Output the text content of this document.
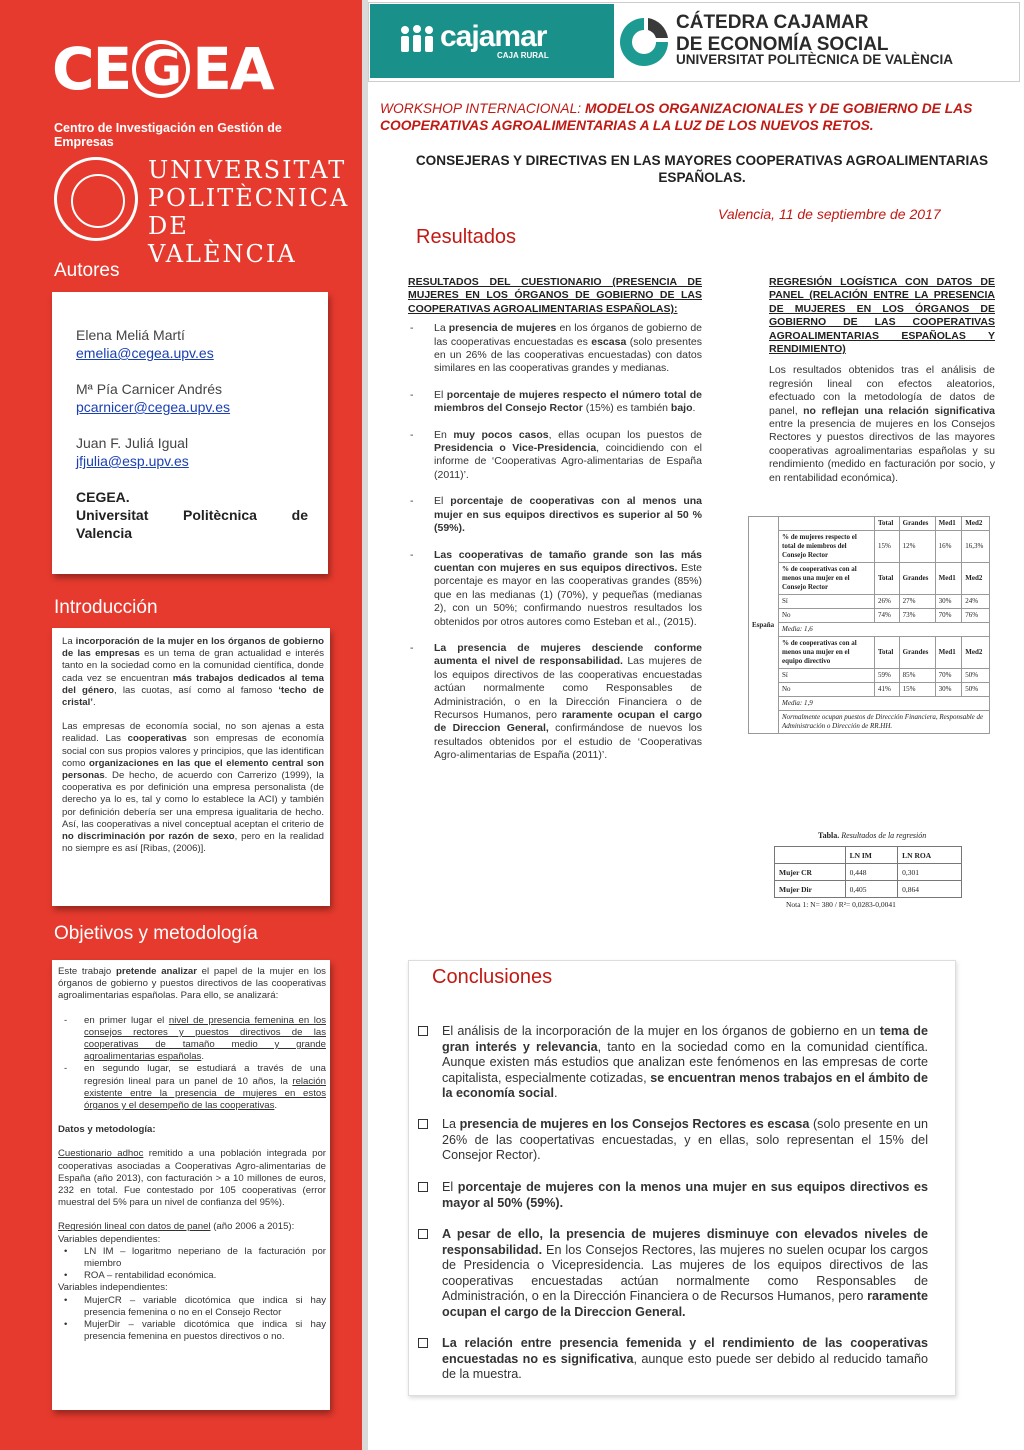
CE G EA
Centro de Investigación en Gestión de Empresas
UNIVERSITAT
POLITÈCNICA
DE VALÈNCIA
Autores
Elena Meliá Martí
emelia@cegea.upv.es
Mª Pía Carnicer Andrés
pcarnicer@cegea.upv.es
Juan F. Juliá Igual
jfjulia@esp.upv.es
CEGEA.
Universitat Politècnica de
Valencia
Introducción

La incorporación de la mujer en los órganos de gobierno de las empresas es un tema de gran actualidad e interés tanto en la sociedad como en la comunidad científica, donde cada vez se encuentran más trabajos dedicados al tema del género, las cuotas, así como al famoso ‘techo de cristal’.

Las empresas de economía social, no son ajenas a esta realidad. Las cooperativas son empresas de economía social con sus propios valores y principios, que las identifican como organizaciones en las que el elemento central son personas. De hecho, de acuerdo con Carrerizo (1999), la cooperativa es por definición una empresa personalista (de derecho ya lo es, tal y como lo establece la ACI) y también por definición debería ser una empresa igualitaria de hecho. Así, las cooperativas a nivel conceptual aceptan el criterio de no discriminación por razón de sexo, pero en la realidad no siempre es así [Ribas, (2006)].

Objetivos y metodología

Este trabajo pretende analizar el papel de la mujer en los órganos de gobierno y puestos directivos de las cooperativas agroalimentarias españolas. Para ello, se analizará:

- en primer lugar el nivel de presencia femenina en los consejos rectores y puestos directivos de las cooperativas de tamaño medio y grande agroalimentarias españolas.
- en segundo lugar, se estudiará a través de una regresión lineal para un panel de 10 años, la relación existente entre la presencia de mujeres en estos órganos y el desempeño de las cooperativas.

Datos y metodología:

Cuestionario adhoc remitido a una población integrada por cooperativas asociadas a Cooperativas Agro-alimentarias de España (año 2013), con facturación > a 10 millones de euros, 232 en total. Fue contestado por 105 cooperativas (error muestral del 5% para un nivel de confianza del 95%).

Regresión lineal con datos de panel (año 2006 a 2015):

Variables dependientes:

• LN IM – logaritmo neperiano de la facturación por miembro
• ROA – rentabilidad económica.

Variables independientes:

• MujerCR – variable dicotómica que indica si hay presencia femenina o no en el Consejo Rector
• MujerDir – variable dicotómica que indica si hay presencia femenina en puestos directivos o no.
cajamar
CAJA RURAL
CÁTEDRA CAJAMAR
DE ECONOMÍA SOCIAL
UNIVERSITAT POLITÈCNICA DE VALÈNCIA
WORKSHOP INTERNACIONAL: MODELOS ORGANIZACIONALES Y DE GOBIERNO DE LAS COOPERATIVAS AGROALIMENTARIAS A LA LUZ DE LOS NUEVOS RETOS.
CONSEJERAS Y DIRECTIVAS EN LAS MAYORES COOPERATIVAS AGROALIMENTARIAS ESPAÑOLAS.
Valencia, 11 de septiembre de 2017
Resultados
RESULTADOS DEL CUESTIONARIO (PRESENCIA DE MUJERES EN LOS ÓRGANOS DE GOBIERNO DE LAS COOPERATIVAS AGROALIMENTARIAS ESPAÑOLAS):
- La presencia de mujeres en los órganos de gobierno de las cooperativas encuestadas es escasa (solo presentes en un 26% de las cooperativas encuestadas) con datos similares en las cooperativas grandes y medianas.
- El porcentaje de mujeres respecto el número total de miembros del Consejo Rector (15%) es también bajo.
- En muy pocos casos, ellas ocupan los puestos de Presidencia o Vice-Presidencia, coincidiendo con el informe de ‘Cooperativas Agro-alimentarias de España (2011)’.
- El porcentaje de cooperativas con al menos una mujer en sus equipos directivos es superior al 50 % (59%).
- Las cooperativas de tamaño grande son las más cuentan con mujeres en sus equipos directivos. Este porcentaje es mayor en las cooperativas grandes (85%) que en las medianas (1) (70%), y pequeñas (medianas 2), con un 50%; confirmando nuestros resultados los obtenidos por otros autores como Esteban et al., (2015).
- La presencia de mujeres desciende conforme aumenta el nivel de responsabilidad. Las mujeres de los equipos directivos de las cooperativas encuestadas actúan normalmente como Responsables de Administración, o en la Dirección Financiera o de Recursos Humanos, pero raramente ocupan el cargo de Direccion General, confirmándose de nuevos los resultados obtenidos por el estudio de ‘Cooperativas Agro-alimentarias de España (2011)’.
REGRESIÓN LOGÍSTICA CON DATOS DE PANEL (RELACIÓN ENTRE LA PRESENCIA DE MUJERES EN LOS ÓRGANOS DE GOBIERNO DE LAS COOPERATIVAS AGROALIMENTARIAS ESPAÑOLAS Y RENDIMIENTO)

Los resultados obtenidos tras el análisis de regresión lineal con efectos aleatorios, efectuado con la metodología de datos de panel, no reflejan una relación significativa entre la presencia de mujeres en los Consejos Rectores y puestos directivos de las mayores cooperativas agroalimentarias españolas y su rendimiento (medido en facturación por socio, y en rentabilidad económica).

España		Total	Grandes	Med1	Med2
	% de mujeres respecto el total de miembros del Consejo Rector	15%	12%	16%	16,3%
	% de cooperativas con al menos una mujer en el Consejo Rector	Total	Grandes	Med1	Med2
	Sí	26%	27%	30%	24%
	No	74%	73%	70%	76%
	Media: 1,6				
	% de cooperativas con al menos una mujer en el equipo directivo	Total	Grandes	Med1	Med2
	Sí	59%	85%	70%	50%
	No	41%	15%	30%	50%
	Media: 1,9				
	Normalmente ocupan puestos de Dirección Financiera, Responsable de Administración o Dirección de RR.HH.				
Tabla. Resultados de la regresión
	LN IM	LN ROA
Mujer CR	0,448	0,301
Mujer Dir	0,405	0,864
Nota 1: N= 380 / R²= 0,0283-0,0041
Conclusiones
El análisis de la incorporación de la mujer en los órganos de gobierno en un tema de gran interés y relevancia, tanto en la sociedad como en la comunidad científica. Aunque existen más estudios que analizan este fenómenos en las empresas de corte capitalista, especialmente cotizadas, se encuentran menos trabajos en el ámbito de la economía social.
La presencia de mujeres en los Consejos Rectores es escasa (solo presente en un 26% de las coopertativas encuestadas, y en ellas, solo representan el 15% del Consejor Rector).
El porcentaje de mujeres con la menos una mujer en sus equipos directivos es mayor al 50% (59%).
A pesar de ello, la presencia de mujeres disminuye con elevados niveles de responsabilidad. En los Consejos Rectores, las mujeres no suelen ocupar los cargos de Presidencia o Vicepresidencia. Las mujeres de los equipos directivos de las cooperativas encuestadas actúan normalmente como Responsables de Administración, o en la Dirección Financiera o de Recursos Humanos, pero raramente ocupan el cargo de la Direccion General.
La relación entre presencia femenida y el rendimiento de las cooperativas encuestadas no es significativa, aunque esto puede ser debido al reducido tamaño de la muestra.
